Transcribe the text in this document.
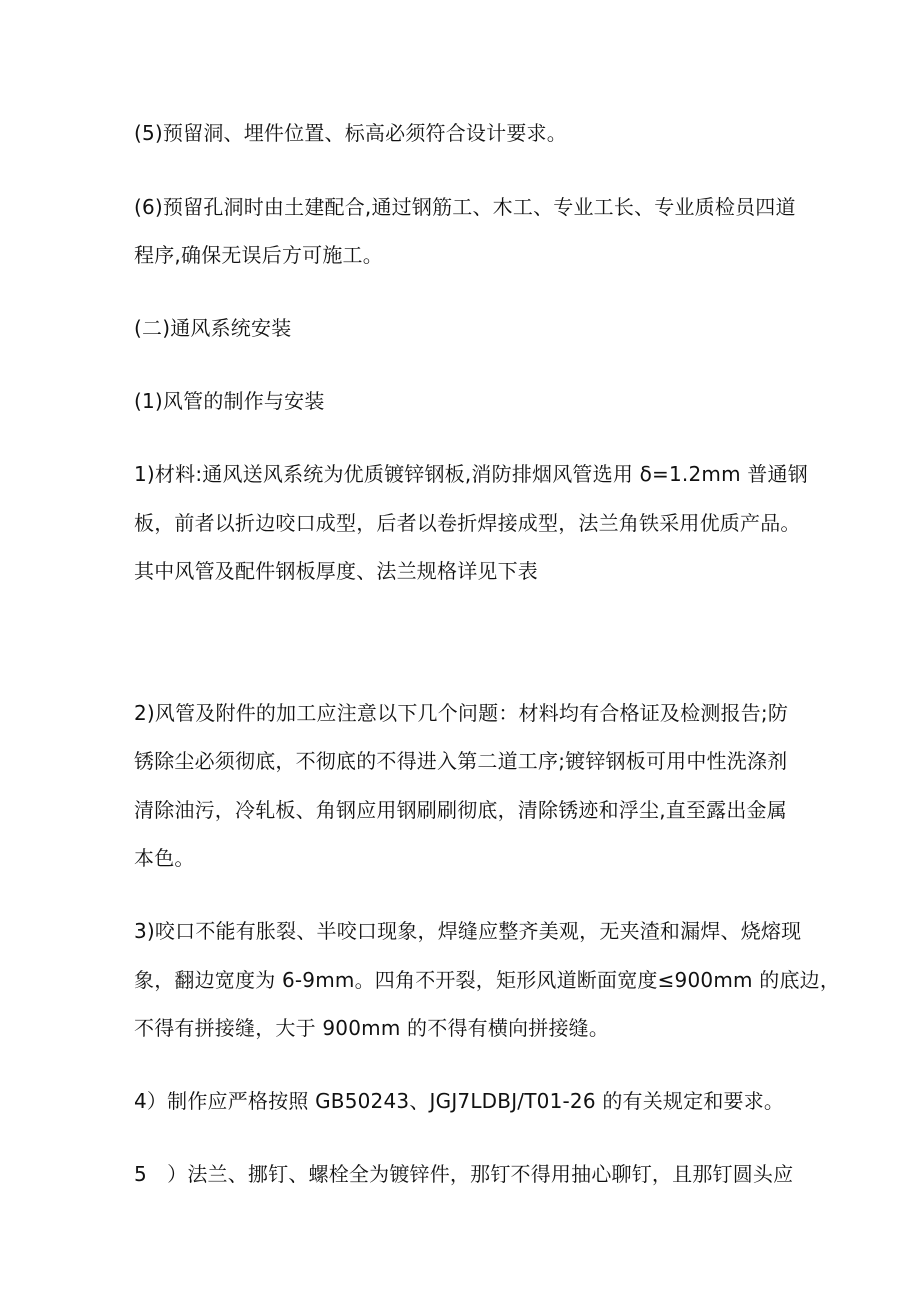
(5)预留洞、埋件位置、标高必须符合设计要求。
(6)预留孔洞时由土建配合,通过钢筋工、木工、专业工长、专业质检员四道
程序,确保无误后方可施工。
(二)通风系统安装
(1)风管的制作与安装
1)材料:通风送风系统为优质镀锌钢板,消防排烟风管选用 δ=1.2mm 普通钢
板，前者以折边咬口成型，后者以卷折焊接成型，法兰角铁采用优质产品。
其中风管及配件钢板厚度、法兰规格详见下表
2)风管及附件的加工应注意以下几个问题：材料均有合格证及检测报告;防
锈除尘必须彻底，不彻底的不得进入第二道工序;镀锌钢板可用中性洗涤剂
清除油污，冷轧板、角钢应用钢刷刷彻底，清除锈迹和浮尘,直至露出金属
本色。
3)咬口不能有胀裂、半咬口现象，焊缝应整齐美观，无夹渣和漏焊、烧熔现
象，翻边宽度为 6-9mm。四角不开裂，矩形风道断面宽度≤900mm 的底边，
不得有拼接缝，大于 900mm 的不得有横向拼接缝。
4）制作应严格按照 GB50243、JGJ7LDBJ/T01-26 的有关规定和要求。
5　）法兰、挪钉、螺栓全为镀锌件，那钉不得用抽心聊钉，且那钉圆头应
